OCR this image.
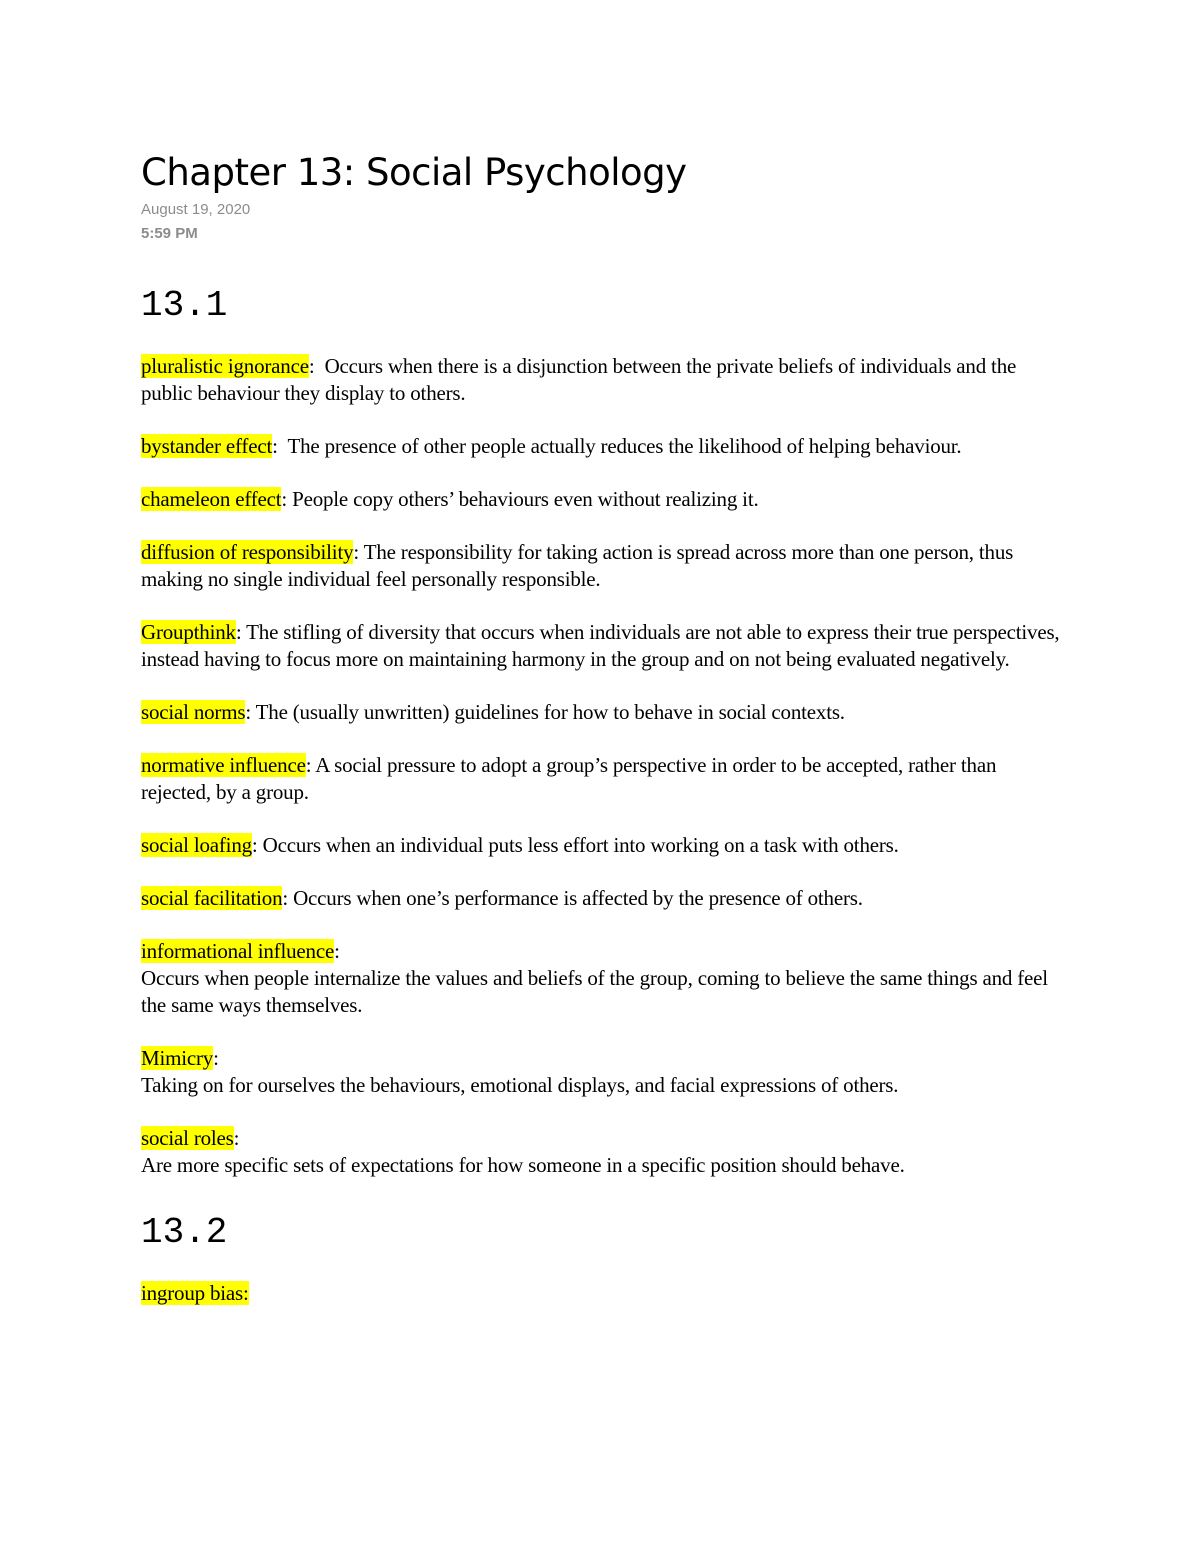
Chapter 13: Social Psychology
August 19, 2020
5:59 PM
13.1

pluralistic ignorance:  Occurs when there is a disjunction between the private beliefs of individuals and the public behaviour they display to others.

bystander effect:  The presence of other people actually reduces the likelihood of helping behaviour.

chameleon effect: People copy others’ behaviours even without realizing it.

diffusion of responsibility: The responsibility for taking action is spread across more than one person, thus making no single individual feel personally responsible.

Groupthink: The stifling of diversity that occurs when individuals are not able to express their true perspectives, instead having to focus more on maintaining harmony in the group and on not being evaluated negatively.

social norms: The (usually unwritten) guidelines for how to behave in social contexts.

normative influence: A social pressure to adopt a group’s perspective in order to be accepted, rather than rejected, by a group.

social loafing: Occurs when an individual puts less effort into working on a task with others.

social facilitation: Occurs when one’s performance is affected by the presence of others.

informational influence:
Occurs when people internalize the values and beliefs of the group, coming to believe the same things and feel the same ways themselves.

Mimicry:
Taking on for ourselves the behaviours, emotional displays, and facial expressions of others.

social roles:
Are more specific sets of expectations for how someone in a specific position should behave.

13.2

ingroup bias:
